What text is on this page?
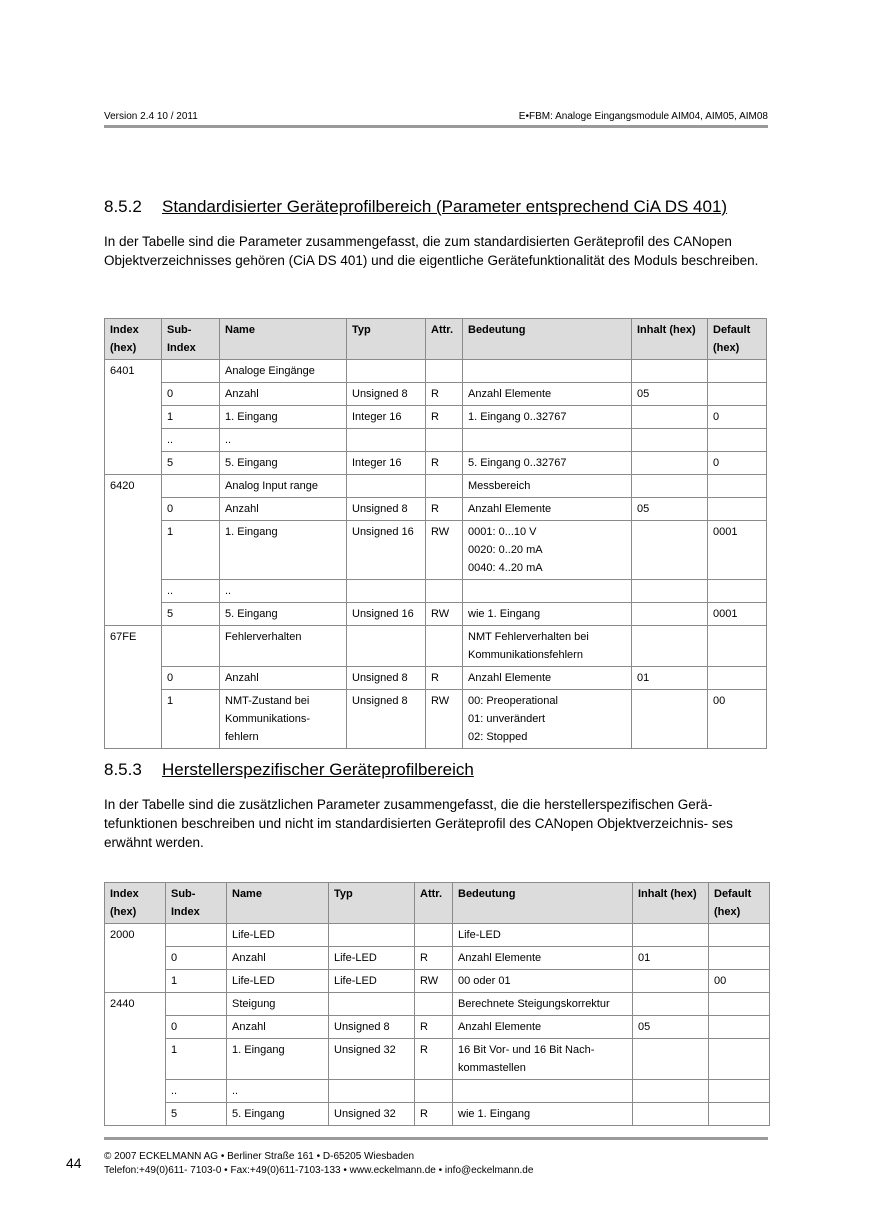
Version 2.4 10 / 2011	E•FBM: Analoge Eingangsmodule AIM04, AIM05, AIM08
8.5.2 Standardisierter Geräteprofilbereich (Parameter entsprechend CiA DS 401)
In der Tabelle sind die Parameter zusammengefasst, die zum standardisierten Geräteprofil des CANopen Objektverzeichnisses gehören (CiA DS 401) und die eigentliche Gerätefunktionalität des Moduls beschreiben.
Index
(hex)	Sub-
Index	Name	Typ	Attr.	Bedeutung	Inhalt (hex)	Default
(hex)
6401		Analoge Eingänge					
	0	Anzahl	Unsigned 8	R	Anzahl Elemente	05	
	1	1. Eingang	Integer 16	R	1. Eingang 0..32767		0
	..	..					
	5	5. Eingang	Integer 16	R	5. Eingang 0..32767		0
6420		Analog Input range			Messbereich		
	0	Anzahl	Unsigned 8	R	Anzahl Elemente	05	
	1	1. Eingang	Unsigned 16	RW	0001: 0...10 V
0020: 0..20 mA
0040: 4..20 mA		0001
	..	..					
	5	5. Eingang	Unsigned 16	RW	wie 1. Eingang		0001
67FE		Fehlerverhalten			NMT Fehlerverhalten bei
Kommunikationsfehlern		
	0	Anzahl	Unsigned 8	R	Anzahl Elemente	01	
	1	NMT-Zustand bei
Kommunikations-
fehlern	Unsigned 8	RW	00: Preoperational
01: unverändert
02: Stopped		00
8.5.3 Herstellerspezifischer Geräteprofilbereich
In der Tabelle sind die zusätzlichen Parameter zusammengefasst, die die herstellerspezifischen Gerä- tefunktionen beschreiben und nicht im standardisierten Geräteprofil des CANopen Objektverzeichnis- ses erwähnt werden.
Index
(hex)	Sub-
Index	Name	Typ	Attr.	Bedeutung	Inhalt (hex)	Default
(hex)
2000		Life-LED			Life-LED		
	0	Anzahl	Life-LED	R	Anzahl Elemente	01	
	1	Life-LED	Life-LED	RW	00 oder 01		00
2440		Steigung			Berechnete Steigungskorrektur		
	0	Anzahl	Unsigned 8	R	Anzahl Elemente	05	
	1	1. Eingang	Unsigned 32	R	16 Bit Vor- und 16 Bit Nach-
kommastellen		
	..	..					
	5	5. Eingang	Unsigned 32	R	wie 1. Eingang		
44 © 2007 ECKELMANN AG • Berliner Straße 161 • D-65205 Wiesbaden
Telefon:+49(0)611- 7103-0 • Fax:+49(0)611-7103-133 • www.eckelmann.de • info@eckelmann.de
